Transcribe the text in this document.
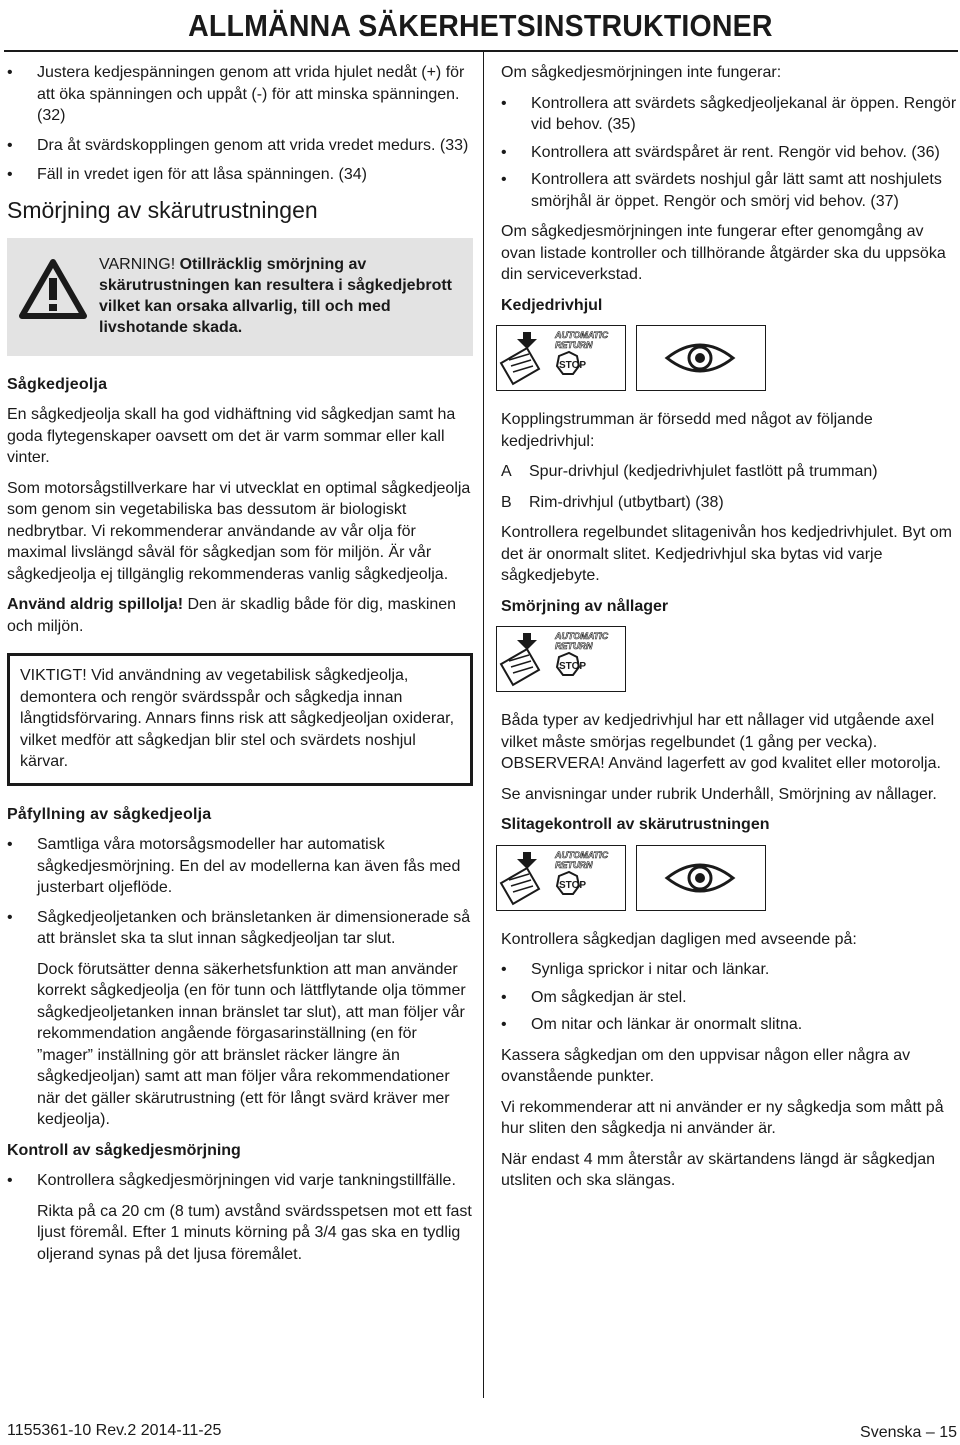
ALLMÄNNA SÄKERHETSINSTRUKTIONER
• Justera kedjespänningen genom att vrida hjulet nedåt (+) för att öka spänningen och uppåt (-) för att minska spänningen. (32)
• Dra åt svärdskopplingen genom att vrida vredet medurs. (33)
• Fäll in vredet igen för att låsa spänningen. (34)
Smörjning av skärutrustningen
VARNING! Otillräcklig smörjning av skärutrustningen kan resultera i sågkedjebrott vilket kan orsaka allvarlig, till och med livshotande skada.
Sågkedjeolja

En sågkedjeolja skall ha god vidhäftning vid sågkedjan samt ha goda flytegenskaper oavsett om det är varm sommar eller kall vinter.

Som motorsågstillverkare har vi utvecklat en optimal sågkedjeolja som genom sin vegetabiliska bas dessutom är biologiskt nedbrytbar. Vi rekommenderar användande av vår olja för maximal livslängd såväl för sågkedjan som för miljön. Är vår sågkedjeolja ej tillgänglig rekommenderas vanlig sågkedjeolja.

Använd aldrig spillolja! Den är skadlig både för dig, maskinen och miljön.

VIKTIGT! Vid användning av vegetabilisk sågkedjeolja, demontera och rengör svärdsspår och sågkedja innan långtidsförvaring. Annars finns risk att sågkedjeoljan oxiderar, vilket medför att sågkedjan blir stel och svärdets noshjul kärvar.
Påfyllning av sågkedjeolja
• Samtliga våra motorsågsmodeller har automatisk sågkedjesmörjning. En del av modellerna kan även fås med justerbart oljeflöde.
• Sågkedjeoljetanken och bränsletanken är dimensionerade så att bränslet ska ta slut innan sågkedjeoljan tar slut.

Dock förutsätter denna säkerhetsfunktion att man använder korrekt sågkedjeolja (en för tunn och lättflytande olja tömmer sågkedjeoljetanken innan bränslet tar slut), att man följer vår rekommendation angående förgasarinställning (en för ”mager” inställning gör att bränslet räcker längre än sågkedjeoljan) samt att man följer våra rekommendationer när det gäller skärutrustning (ett för långt svärd kräver mer kedjeolja).

Kontroll av sågkedjesmörjning
• Kontrollera sågkedjesmörjningen vid varje tankningstillfälle.

Rikta på ca 20 cm (8 tum) avstånd svärdsspetsen mot ett fast ljust föremål. Efter 1 minuts körning på 3/4 gas ska en tydlig oljerand synas på det ljusa föremålet.

Om sågkedjesmörjningen inte fungerar:

• Kontrollera att svärdets sågkedjeoljekanal är öppen. Rengör vid behov. (35)
• Kontrollera att svärdspåret är rent. Rengör vid behov. (36)
• Kontrollera att svärdets noshjul går lätt samt att noshjulets smörjhål är öppet. Rengör och smörj vid behov. (37)

Om sågkedjesmörjningen inte fungerar efter genomgång av ovan listade kontroller och tillhörande åtgärder ska du uppsöka din serviceverkstad.

Kedjedrivhjul
AUTOMATIC
RETURN
STOP

Kopplingstrumman är försedd med något av följande kedjedrivhjul:

A	Spur-drivhjul (kedjedrivhjulet fastlött på trumman)
B	Rim-drivhjul (utbytbart) (38)

Kontrollera regelbundet slitagenivån hos kedjedrivhjulet. Byt om det är onormalt slitet. Kedjedrivhjul ska bytas vid varje sågkedjebyte.

Smörjning av nållager
AUTOMATIC
RETURN
STOP

Båda typer av kedjedrivhjul har ett nållager vid utgående axel vilket måste smörjas regelbundet (1 gång per vecka). OBSERVERA! Använd lagerfett av god kvalitet eller motorolja.

Se anvisningar under rubrik Underhåll, Smörjning av nållager.

Slitagekontroll av skärutrustningen
AUTOMATIC
RETURN
STOP

Kontrollera sågkedjan dagligen med avseende på:

• Synliga sprickor i nitar och länkar.
• Om sågkedjan är stel.
• Om nitar och länkar är onormalt slitna.

Kassera sågkedjan om den uppvisar någon eller några av ovanstående punkter.

Vi rekommenderar att ni använder er ny sågkedja som mått på hur sliten den sågkedja ni använder är.

När endast 4 mm återstår av skärtandens längd är sågkedjan utsliten och ska slängas.

1155361-10 Rev.2 2014-11-25	Svenska – 15
